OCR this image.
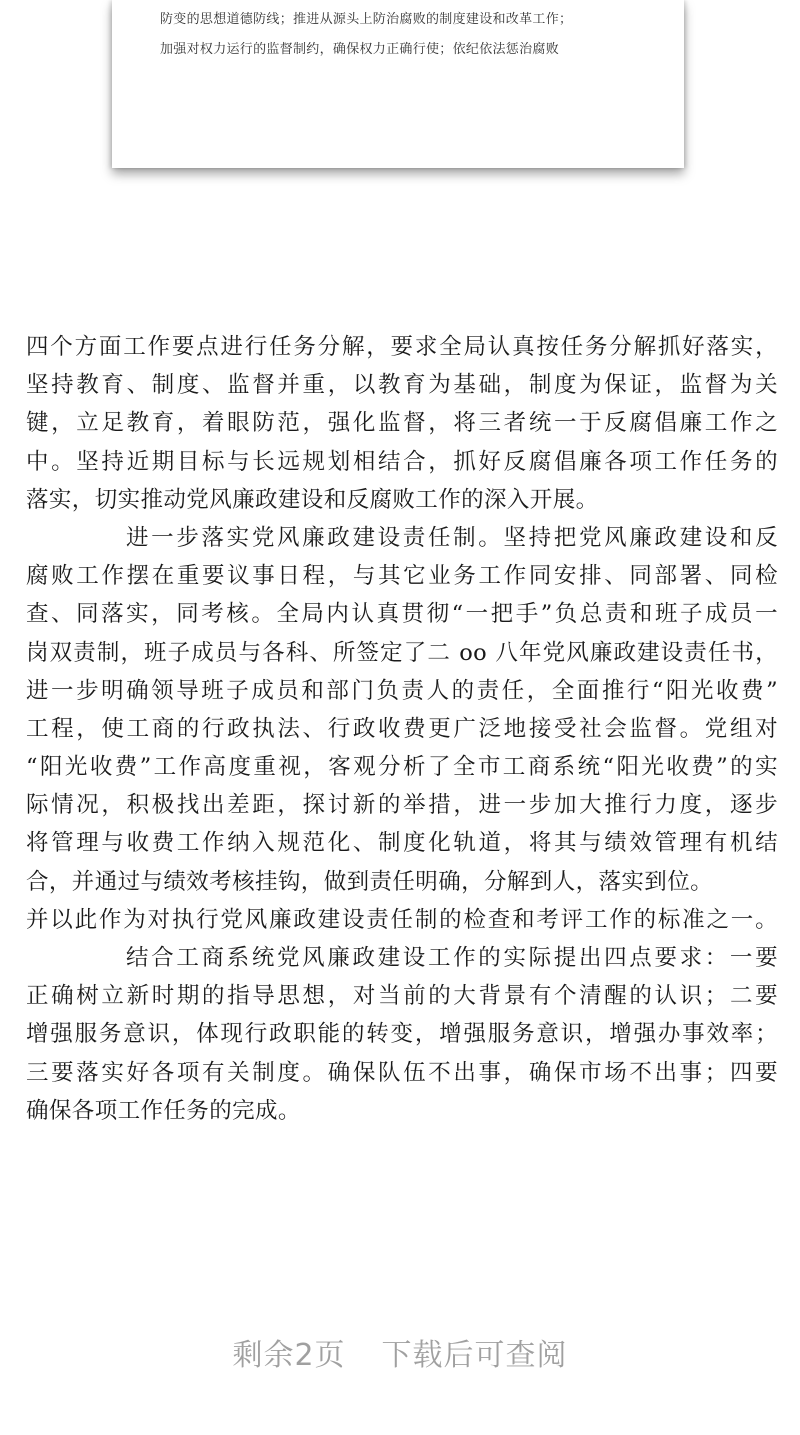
防变的思想道德防线；推进从源头上防治腐败的制度建设和改革工作；
加强对权力运行的监督制约，确保权力正确行使；依纪依法惩治腐败
四个方面工作要点进行任务分解，要求全局认真按任务分解抓好落实，
坚持教育、制度、监督并重，以教育为基础，制度为保证，监督为关
键，立足教育，着眼防范，强化监督，将三者统一于反腐倡廉工作之
中。坚持近期目标与长远规划相结合，抓好反腐倡廉各项工作任务的
落实，切实推动党风廉政建设和反腐败工作的深入开展。
进一步落实党风廉政建设责任制。坚持把党风廉政建设和反
腐败工作摆在重要议事日程，与其它业务工作同安排、同部署、同检
查、同落实，同考核。全局内认真贯彻“一把手”负总责和班子成员一
岗双责制，班子成员与各科、所签定了二 oo 八年党风廉政建设责任书，
进一步明确领导班子成员和部门负责人的责任，全面推行“阳光收费”
工程，使工商的行政执法、行政收费更广泛地接受社会监督。党组对
“阳光收费”工作高度重视，客观分析了全市工商系统“阳光收费”的实
际情况，积极找出差距，探讨新的举措，进一步加大推行力度，逐步
将管理与收费工作纳入规范化、制度化轨道，将其与绩效管理有机结
合，并通过与绩效考核挂钩，做到责任明确，分解到人，落实到位。
并以此作为对执行党风廉政建设责任制的检查和考评工作的标准之一。
结合工商系统党风廉政建设工作的实际提出四点要求：一要
正确树立新时期的指导思想，对当前的大背景有个清醒的认识；二要
增强服务意识，体现行政职能的转变，增强服务意识，增强办事效率；
三要落实好各项有关制度。确保队伍不出事，确保市场不出事；四要
确保各项工作任务的完成。
剩余2页 下载后可查阅
